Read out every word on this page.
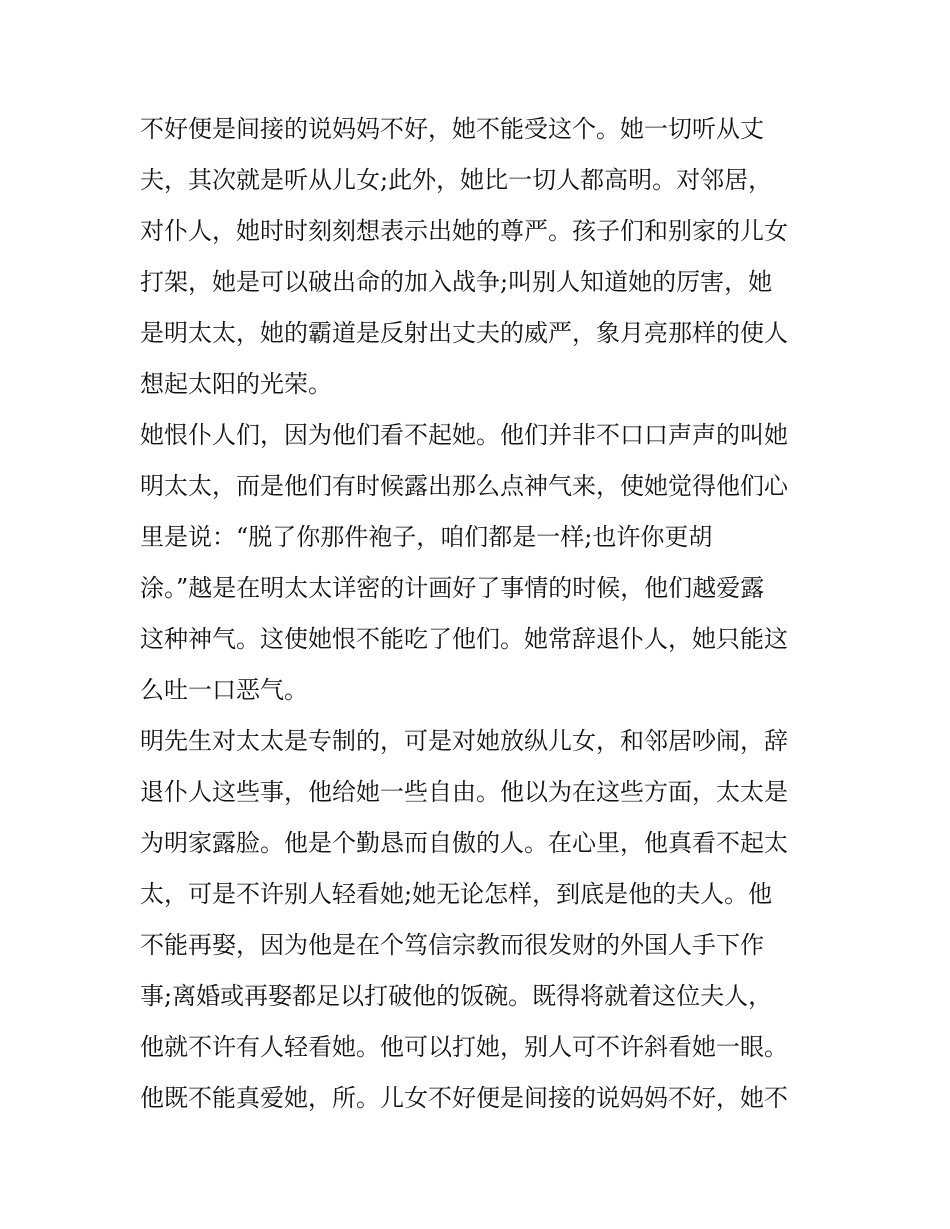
不好便是间接的说妈妈不好，她不能受这个。她一切听从丈
夫，其次就是听从儿女;此外，她比一切人都高明。对邻居，
对仆人，她时时刻刻想表示出她的尊严。孩子们和别家的儿女
打架，她是可以破出命的加入战争;叫别人知道她的厉害，她
是明太太，她的霸道是反射出丈夫的威严，象月亮那样的使人
想起太阳的光荣。
她恨仆人们，因为他们看不起她。他们并非不口口声声的叫她
明太太，而是他们有时候露出那么点神气来，使她觉得他们心
里是说：“脱了你那件袍子，咱们都是一样;也许你更胡
涂。”越是在明太太详密的计画好了事情的时候，他们越爱露
这种神气。这使她恨不能吃了他们。她常辞退仆人，她只能这
么吐一口恶气。
明先生对太太是专制的，可是对她放纵儿女，和邻居吵闹，辞
退仆人这些事，他给她一些自由。他以为在这些方面，太太是
为明家露脸。他是个勤恳而自傲的人。在心里，他真看不起太
太，可是不许别人轻看她;她无论怎样，到底是他的夫人。他
不能再娶，因为他是在个笃信宗教而很发财的外国人手下作
事;离婚或再娶都足以打破他的饭碗。既得将就着这位夫人，
他就不许有人轻看她。他可以打她，别人可不许斜看她一眼。
他既不能真爱她，所。儿女不好便是间接的说妈妈不好，她不
